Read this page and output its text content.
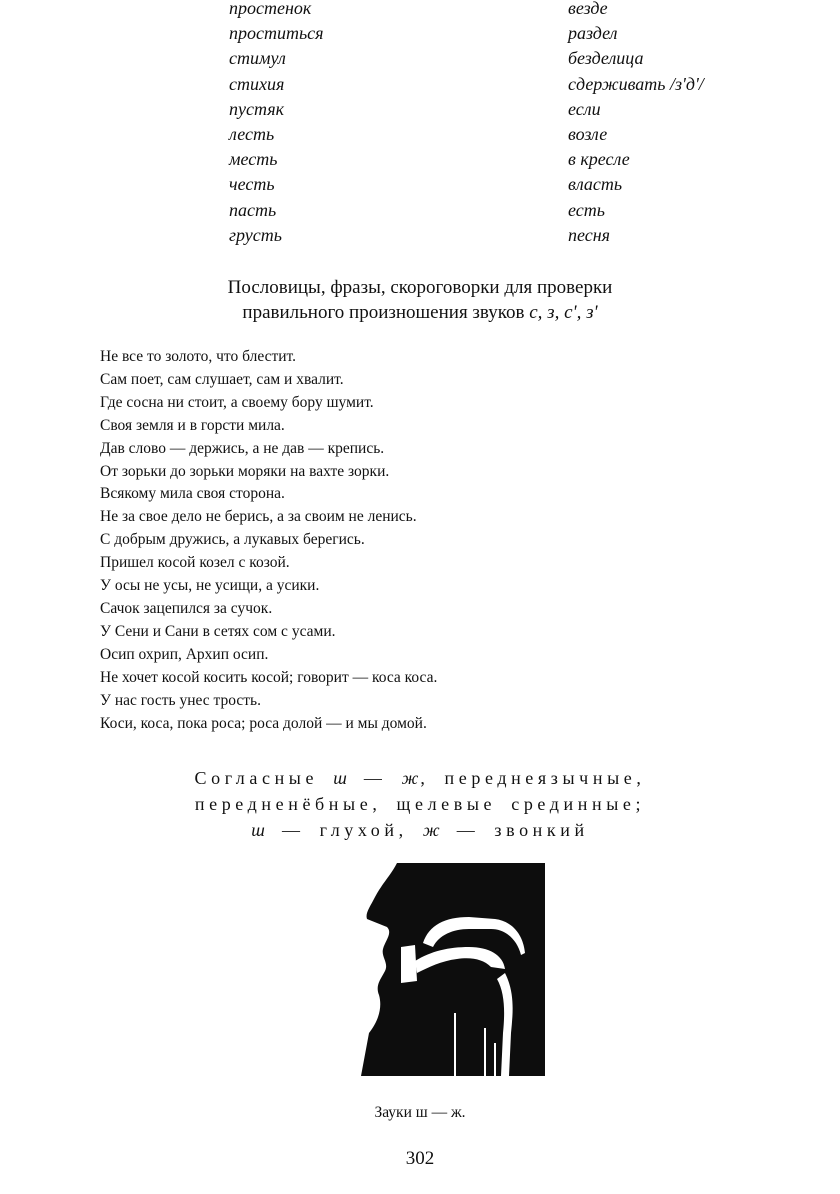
простенок
проститься
стимул
стихия
пустяк
лесть
месть
честь
пасть
грусть
везде
раздел
безделица
сдерживать /з'д'/
если
возле
в кресле
власть
есть
песня
Пословицы, фразы, скороговорки для проверки
правильного произношения звуков с, з, с', з'
Не все то золото, что блестит.
Сам поет, сам слушает, сам и хвалит.
Где сосна ни стоит, а своему бору шумит.
Своя земля и в горсти мила.
Дав слово — держись, а не дав — крепись.
От зорьки до зорьки моряки на вахте зорки.
Всякому мила своя сторона.
Не за свое дело не берись, а за своим не ленись.
С добрым дружись, а лукавых берегись.
Пришел косой козел с козой.
У осы не усы, не усищи, а усики.
Сачок зацепился за сучок.
У Сени и Сани в сетях сом с усами.
Осип охрип, Архип осип.
Не хочет косой косить косой; говорит — коса коса.
У нас гость унес трость.
Коси, коса, пока роса; роса долой — и мы домой.
Согласные ш — ж, переднеязычные,
передненёбные, щелевые срединные;
ш — глухой, ж — звонкий
Зауки ш — ж.
302
